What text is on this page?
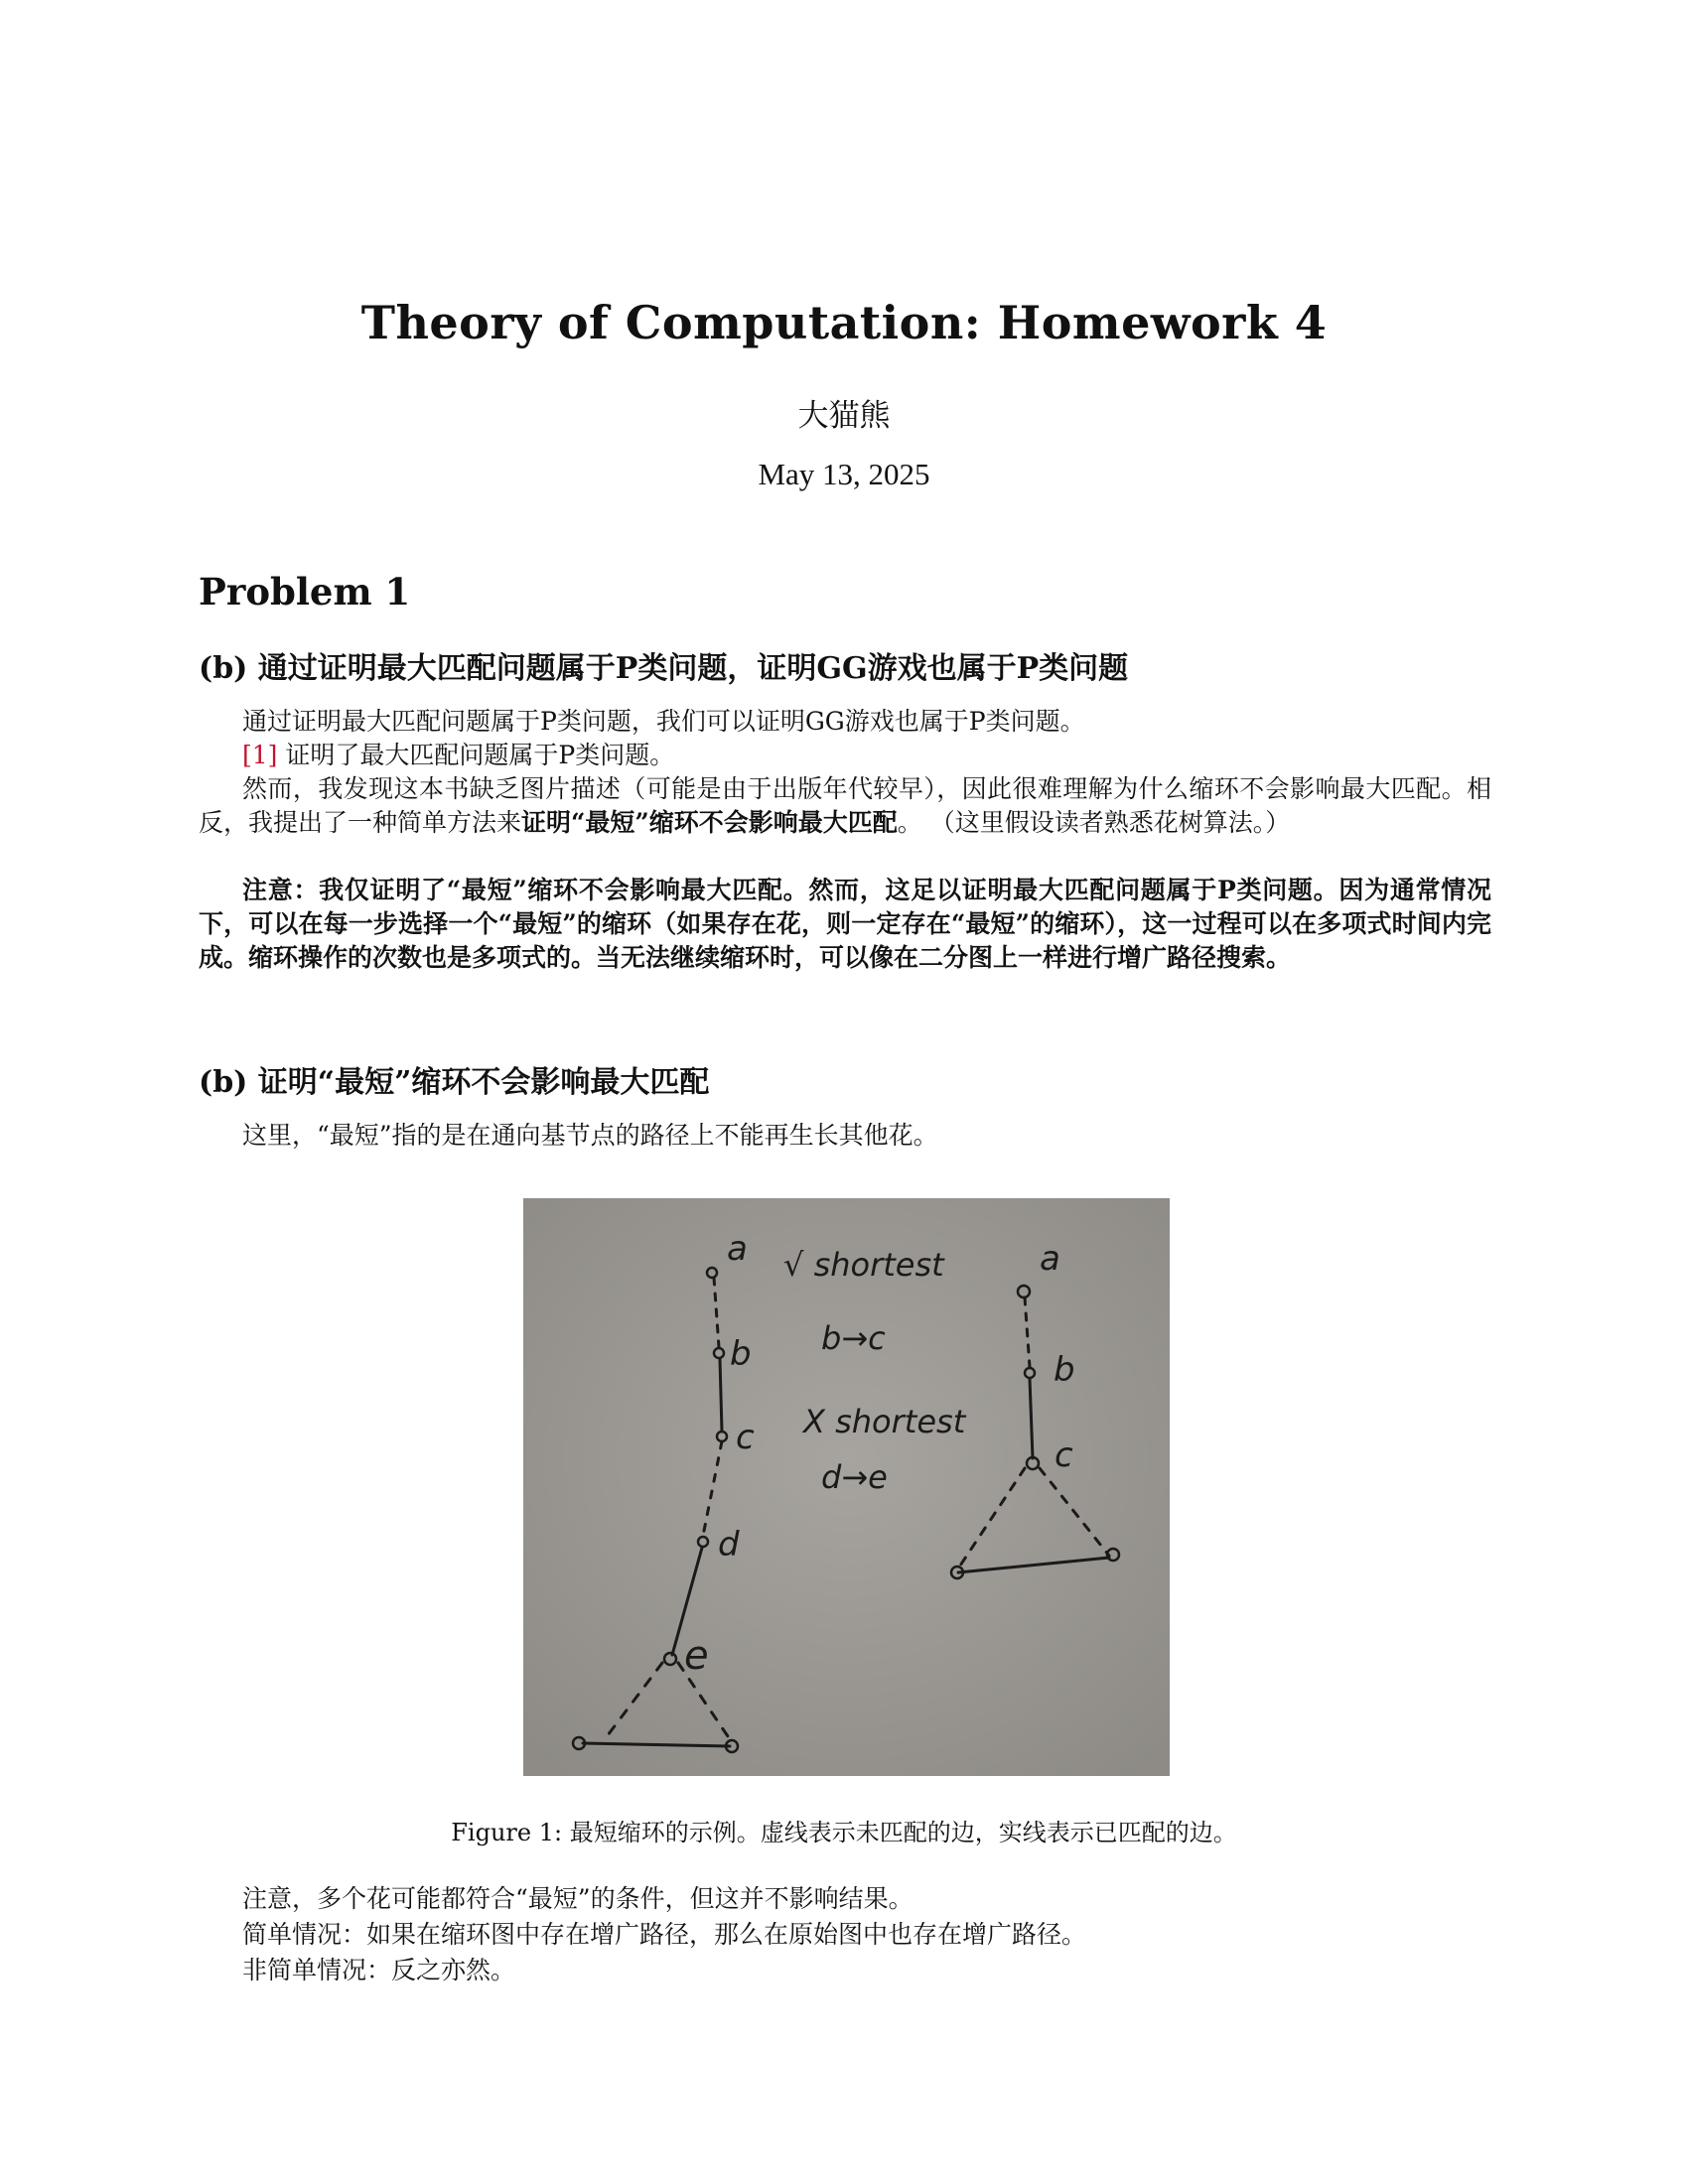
Theory of Computation: Homework 4
大猫熊
May 13, 2025
Problem 1
(b) 通过证明最大匹配问题属于P类问题，证明GG游戏也属于P类问题
通过证明最大匹配问题属于P类问题，我们可以证明GG游戏也属于P类问题。
[1] 证明了最大匹配问题属于P类问题。
然而，我发现这本书缺乏图片描述（可能是由于出版年代较早），因此很难理解为什么缩环不会影响最大匹配。相反，我提出了一种简单方法来证明“最短”缩环不会影响最大匹配。 （这里假设读者熟悉花树算法。）
注意：我仅证明了“最短”缩环不会影响最大匹配。然而，这足以证明最大匹配问题属于P类问题。因为通常情况下，可以在每一步选择一个“最短”的缩环（如果存在花，则一定存在“最短”的缩环），这一过程可以在多项式时间内完成。缩环操作的次数也是多项式的。当无法继续缩环时，可以像在二分图上一样进行增广路径搜索。
(b) 证明“最短”缩环不会影响最大匹配
这里，“最短”指的是在通向基节点的路径上不能再生长其他花。
a
b
c
d
e
a
b
c
√ shortest
b→c
X shortest
d→e
Figure 1: 最短缩环的示例。虚线表示未匹配的边，实线表示已匹配的边。
注意，多个花可能都符合“最短”的条件，但这并不影响结果。
简单情况：如果在缩环图中存在增广路径，那么在原始图中也存在增广路径。
非简单情况：反之亦然。
